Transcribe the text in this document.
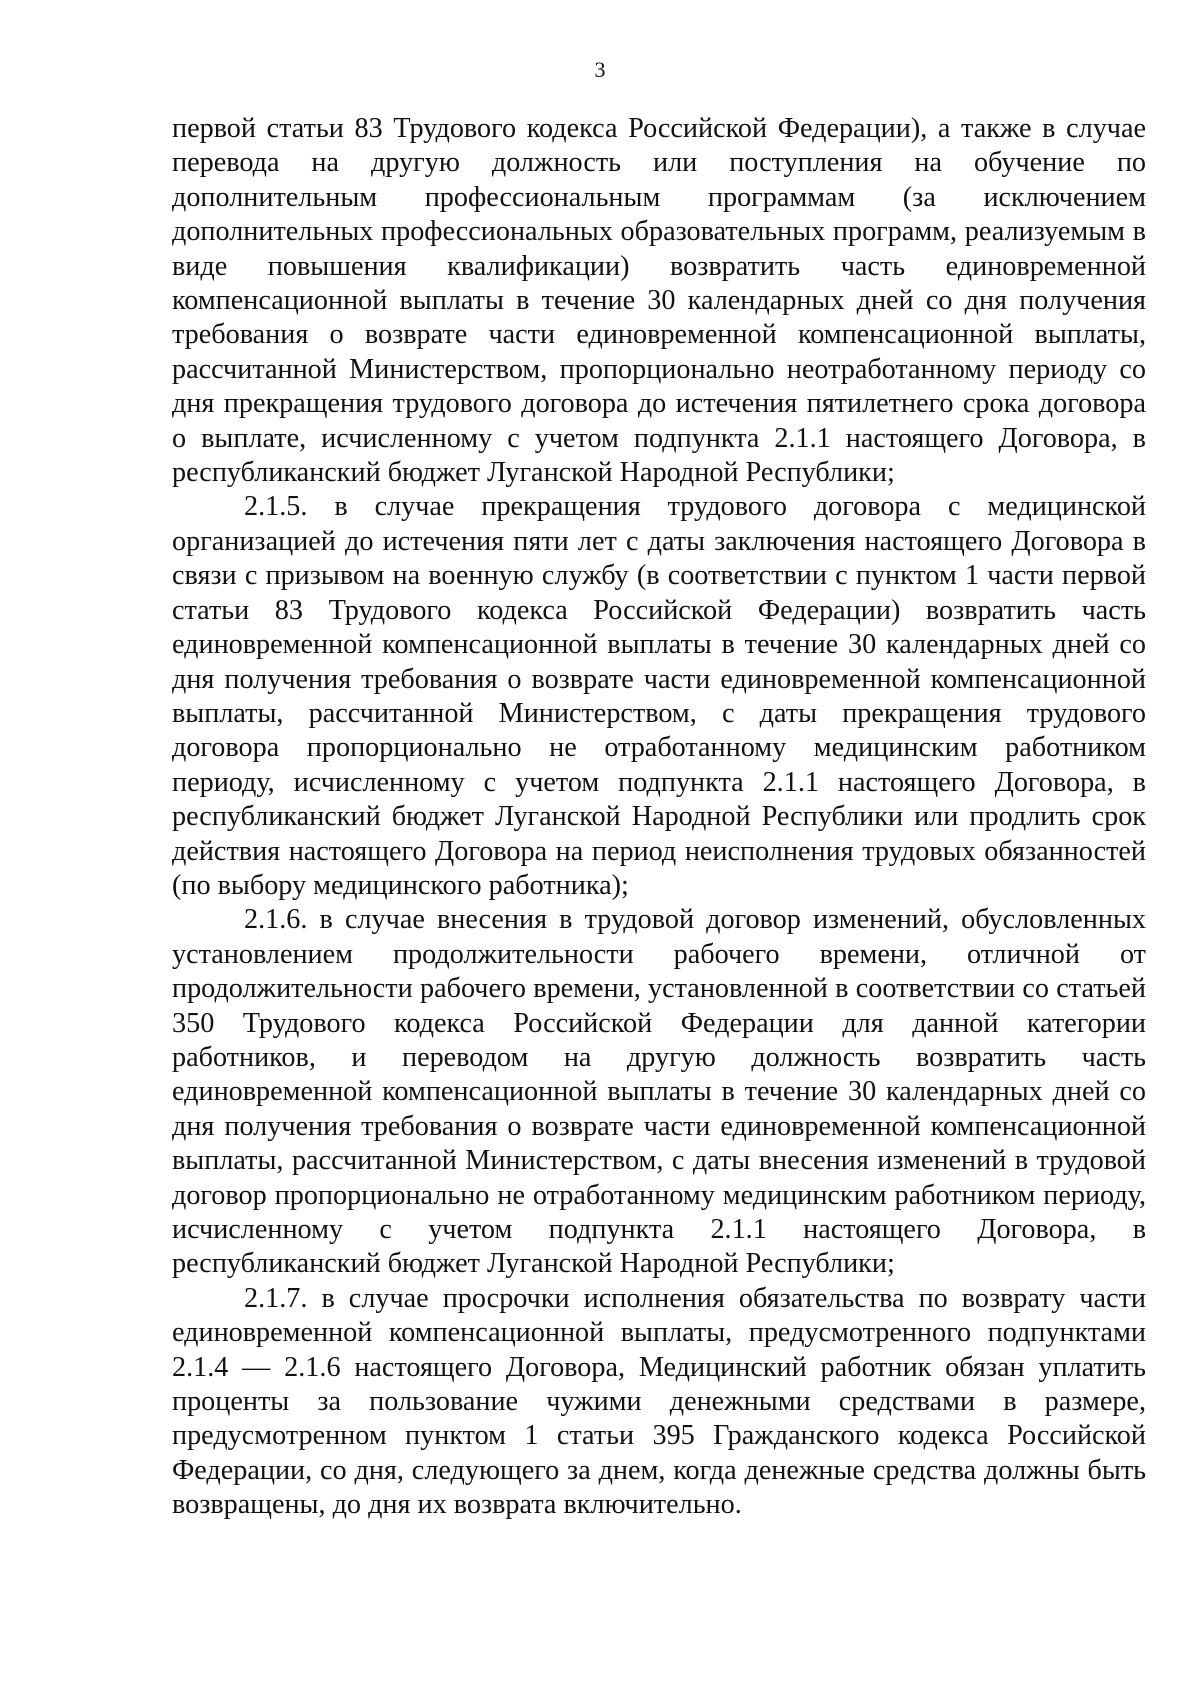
3

первой статьи 83 Трудового кодекса Российской Федерации), а также в случае перевода на другую должность или поступления на обучение по дополнительным профессиональным программам (за исключением дополнительных профессиональных образовательных программ, реализуемым в виде повышения квалификации) возвратить часть единовременной компенсационной выплаты в течение 30 календарных дней со дня получения требования о возврате части единовременной компенсационной выплаты, рассчитанной Министерством, пропорционально неотработанному периоду со дня прекращения трудового договора до истечения пятилетнего срока договора о выплате, исчисленному с учетом подпункта 2.1.1 настоящего Договора, в республиканский бюджет Луганской Народной Республики;

2.1.5. в случае прекращения трудового договора с медицинской организацией до истечения пяти лет с даты заключения настоящего Договора в связи с призывом на военную службу (в соответствии с пунктом 1 части первой статьи 83 Трудового кодекса Российской Федерации) возвратить часть единовременной компенсационной выплаты в течение 30 календарных дней со дня получения требования о возврате части единовременной компенсационной выплаты, рассчитанной Министерством, с даты прекращения трудового договора пропорционально не отработанному медицинским работником периоду, исчисленному с учетом подпункта 2.1.1 настоящего Договора, в республиканский бюджет Луганской Народной Республики или продлить срок действия настоящего Договора на период неисполнения трудовых обязанностей (по выбору медицинского работника);

2.1.6. в случае внесения в трудовой договор изменений, обусловленных установлением продолжительности рабочего времени, отличной от продолжительности рабочего времени, установленной в соответствии со статьей 350 Трудового кодекса Российской Федерации для данной категории работников, и переводом на другую должность возвратить часть единовременной компенсационной выплаты в течение 30 календарных дней со дня получения требования о возврате части единовременной компенсационной выплаты, рассчитанной Министерством, с даты внесения изменений в трудовой договор пропорционально не отработанному медицинским работником периоду, исчисленному с учетом подпункта 2.1.1 настоящего Договора, в республиканский бюджет Луганской Народной Республики;

2.1.7. в случае просрочки исполнения обязательства по возврату части единовременной компенсационной выплаты, предусмотренного подпунктами 2.1.4 — 2.1.6 настоящего Договора, Медицинский работник обязан уплатить проценты за пользование чужими денежными средствами в размере, предусмотренном пунктом 1 статьи 395 Гражданского кодекса Российской Федерации, со дня, следующего за днем, когда денежные средства должны быть возвращены, до дня их возврата включительно.
